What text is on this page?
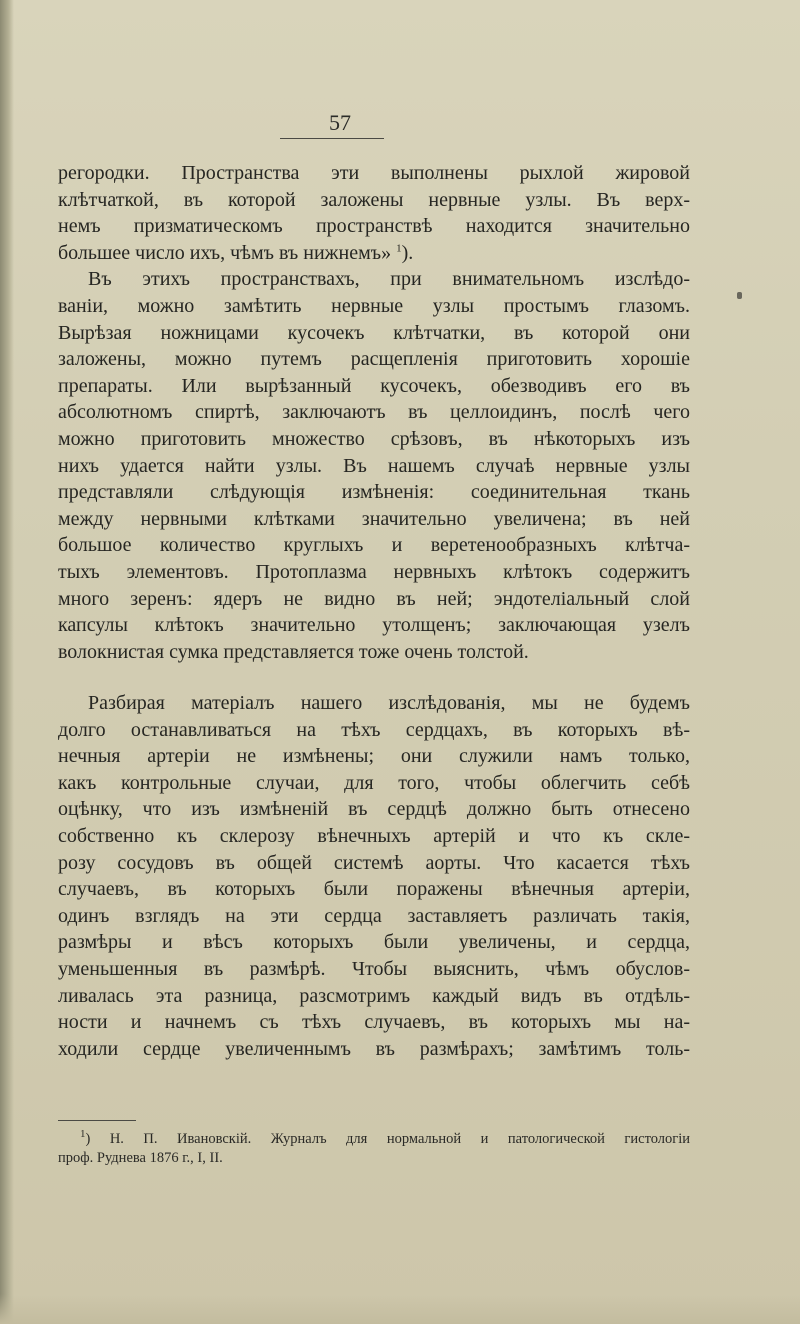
57
регородки. Пространства эти выполнены рыхлой жировой
клѣтчаткой, въ которой заложены нервные узлы. Въ верх-
немъ призматическомъ пространствѣ находится значительно
большее число ихъ, чѣмъ въ нижнемъ» $^1$).
Въ этихъ пространствахъ, при внимательномъ изслѣдо-
ваніи, можно замѣтить нервные узлы простымъ глазомъ.
Вырѣзая ножницами кусочекъ клѣтчатки, въ которой они
заложены, можно путемъ расщепленія приготовить хорошіе
препараты. Или вырѣзанный кусочекъ, обезводивъ его въ
абсолютномъ спиртѣ, заключаютъ въ целлоидинъ, послѣ чего
можно приготовить множество срѣзовъ, въ нѣкоторыхъ изъ
нихъ удается найти узлы. Въ нашемъ случаѣ нервные узлы
представляли слѣдующія измѣненія: соединительная ткань
между нервными клѣтками значительно увеличена; въ ней
большое количество круглыхъ и веретенообразныхъ клѣтча-
тыхъ элементовъ. Протоплазма нервныхъ клѣтокъ содержитъ
много зеренъ: ядеръ не видно въ ней; эндотеліальный слой
капсулы клѣтокъ значительно утолщенъ; заключающая узелъ
волокнистая сумка представляется тоже очень толстой.
Разбирая матеріалъ нашего изслѣдованія, мы не будемъ
долго останавливаться на тѣхъ сердцахъ, въ которыхъ вѣ-
нечныя артеріи не измѣнены; они служили намъ только,
какъ контрольные случаи, для того, чтобы облегчить себѣ
оцѣнку, что изъ измѣненій въ сердцѣ должно быть отнесено
собственно къ склерозу вѣнечныхъ артерій и что къ скле-
розу сосудовъ въ общей системѣ аорты. Что касается тѣхъ
случаевъ, въ которыхъ были поражены вѣнечныя артеріи,
одинъ взглядъ на эти сердца заставляетъ различать такія,
размѣры и вѣсъ которыхъ были увеличены, и сердца,
уменьшенныя въ размѣрѣ. Чтобы выяснить, чѣмъ обуслов-
ливалась эта разница, разсмотримъ каждый видъ въ отдѣль-
ности и начнемъ съ тѣхъ случаевъ, въ которыхъ мы на-
ходили сердце увеличеннымъ въ размѣрахъ; замѣтимъ толь-
$^1$) Н. П. Ивановскій. Журналъ для нормальной и патологической гистологіи
проф. Руднева 1876 г., I, II.
